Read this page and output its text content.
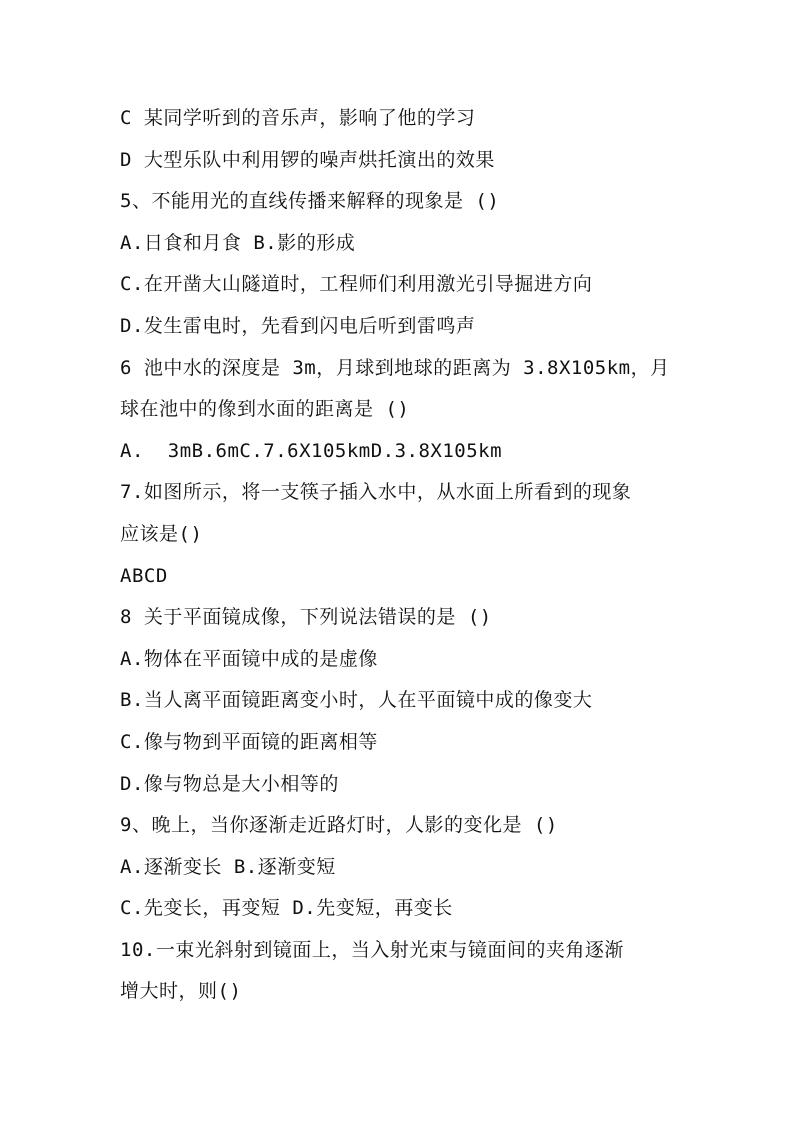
C 某同学听到的音乐声，影响了他的学习
D 大型乐队中利用锣的噪声烘托演出的效果
5、不能用光的直线传播来解释的现象是 ()
A.日食和月食 B.影的形成
C.在开凿大山隧道时，工程师们利用激光引导掘进方向
D.发生雷电时，先看到闪电后听到雷鸣声
6 池中水的深度是 3m，月球到地球的距离为 3.8X105km，月
球在池中的像到水面的距离是 ()
A.  3mB.6mC.7.6X105kmD.3.8X105km
7.如图所示，将一支筷子插入水中，从水面上所看到的现象
应该是()
ABCD
8 关于平面镜成像，下列说法错误的是 ()
A.物体在平面镜中成的是虚像
B.当人离平面镜距离变小时，人在平面镜中成的像变大
C.像与物到平面镜的距离相等
D.像与物总是大小相等的
9、晚上，当你逐渐走近路灯时，人影的变化是 ()
A.逐渐变长 B.逐渐变短
C.先变长，再变短 D.先变短，再变长
10.一束光斜射到镜面上，当入射光束与镜面间的夹角逐渐
增大时，则()
